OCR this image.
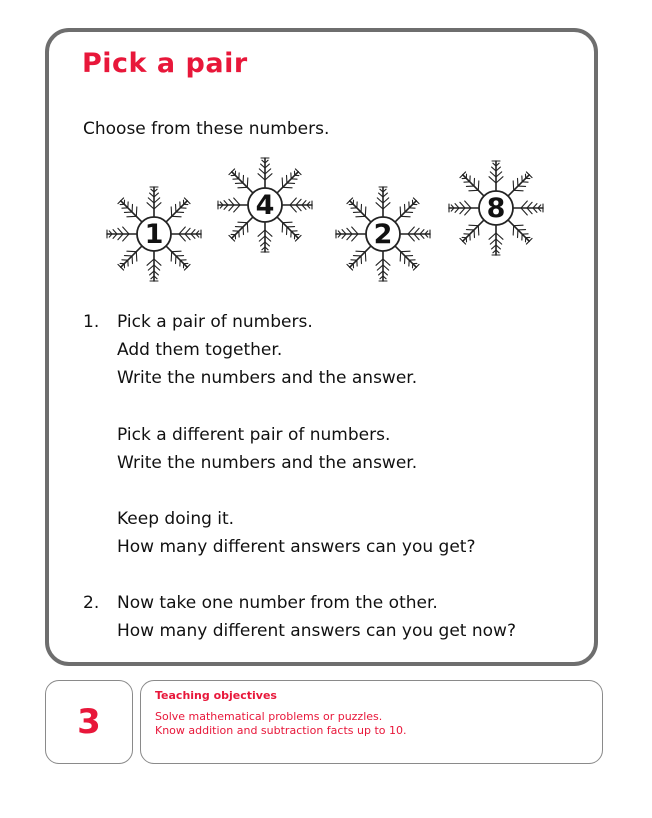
Pick a pair
Choose from these numbers.
1
4
2
8
1. Pick a pair of numbers.
Add them together.
Write the numbers and the answer.
Pick a different pair of numbers.
Write the numbers and the answer.
Keep doing it.
How many different answers can you get?
2. Now take one number from the other.
How many different answers can you get now?
3
Teaching objectives
Solve mathematical problems or puzzles.
Know addition and subtraction facts up to 10.
